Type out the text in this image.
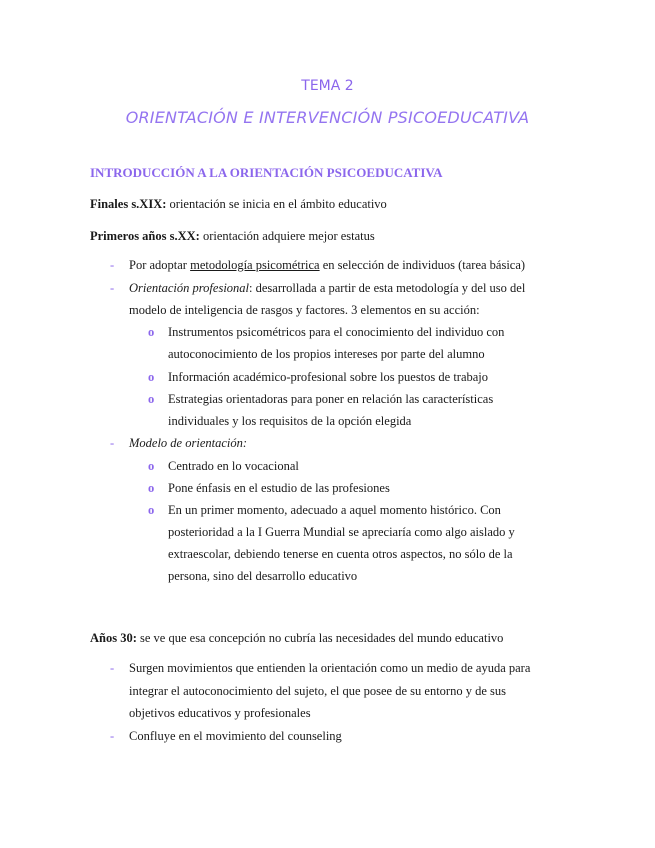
TEMA 2
ORIENTACIÓN E INTERVENCIÓN PSICOEDUCATIVA
INTRODUCCIÓN A LA ORIENTACIÓN PSICOEDUCATIVA
Finales s.XIX: orientación se inicia en el ámbito educativo
Primeros años s.XX: orientación adquiere mejor estatus
- Por adoptar metodología psicométrica en selección de individuos (tarea básica)
- Orientación profesional: desarrollada a partir de esta metodología y del uso del
modelo de inteligencia de rasgos y factores. 3 elementos en su acción:
o Instrumentos psicométricos para el conocimiento del individuo con
autoconocimiento de los propios intereses por parte del alumno
o Información académico-profesional sobre los puestos de trabajo
o Estrategias orientadoras para poner en relación las características
individuales y los requisitos de la opción elegida
- Modelo de orientación:
o Centrado en lo vocacional
o Pone énfasis en el estudio de las profesiones
o En un primer momento, adecuado a aquel momento histórico. Con
posterioridad a la I Guerra Mundial se apreciaría como algo aislado y
extraescolar, debiendo tenerse en cuenta otros aspectos, no sólo de la
persona, sino del desarrollo educativo
Años 30: se ve que esa concepción no cubría las necesidades del mundo educativo
- Surgen movimientos que entienden la orientación como un medio de ayuda para
integrar el autoconocimiento del sujeto, el que posee de su entorno y de sus
objetivos educativos y profesionales
- Confluye en el movimiento del counseling
